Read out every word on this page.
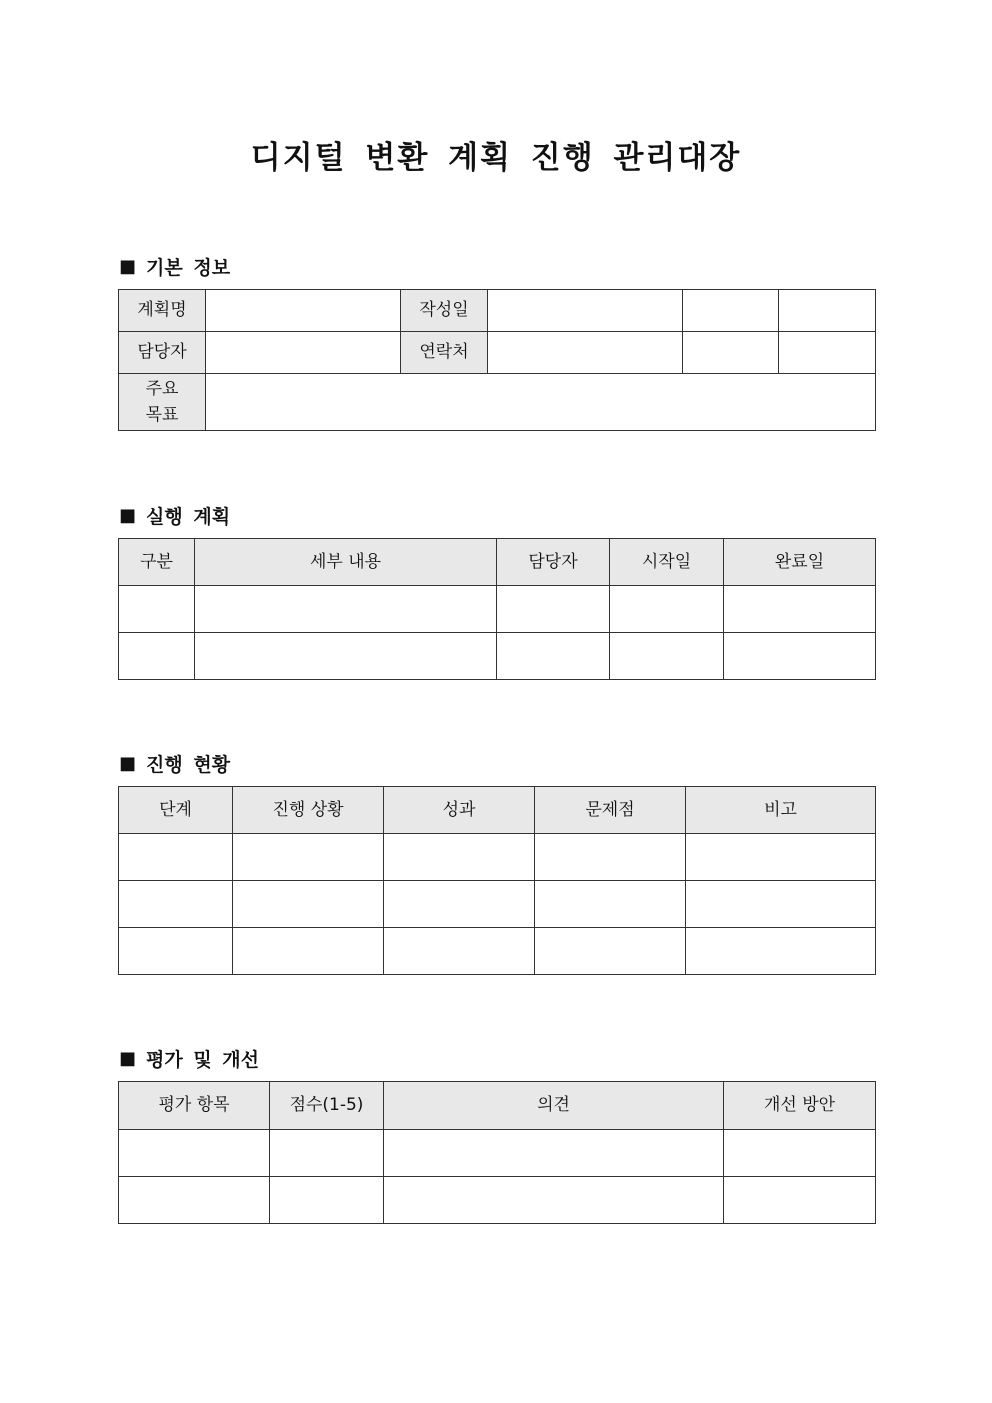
디지털 변환 계획 진행 관리대장
■ 기본 정보
계획명		작성일			
담당자		연락처			

주요
목표					

■ 실행 계획
구분	세부 내용	담당자	시작일	완료일

■ 진행 현황
단계	진행 상황	성과	문제점	비고

■ 평가 및 개선
평가 항목	점수(1-5)	의견	개선 방안
